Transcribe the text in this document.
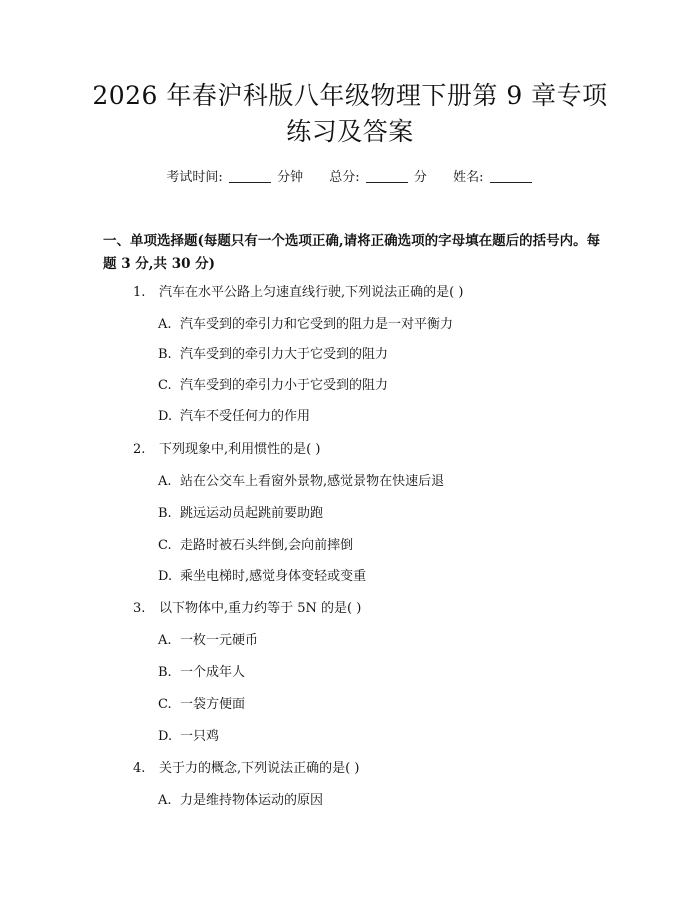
2026 年春沪科版八年级物理下册第 9 章专项
练习及答案
考试时间:	分钟 总分:	分 姓名:
一、单项选择题(每题只有一个选项正确,请将正确选项的字母填在题后的括号内。每题 3 分,共 30 分)
1. 汽车在水平公路上匀速直线行驶,下列说法正确的是( )
A. 汽车受到的牵引力和它受到的阻力是一对平衡力
B. 汽车受到的牵引力大于它受到的阻力
C. 汽车受到的牵引力小于它受到的阻力
D. 汽车不受任何力的作用
2. 下列现象中,利用惯性的是( )
A. 站在公交车上看窗外景物,感觉景物在快速后退
B. 跳远运动员起跳前要助跑
C. 走路时被石头绊倒,会向前摔倒
D. 乘坐电梯时,感觉身体变轻或变重
3. 以下物体中,重力约等于 5N 的是( )
A. 一枚一元硬币
B. 一个成年人
C. 一袋方便面
D. 一只鸡
4. 关于力的概念,下列说法正确的是( )
A. 力是维持物体运动的原因
